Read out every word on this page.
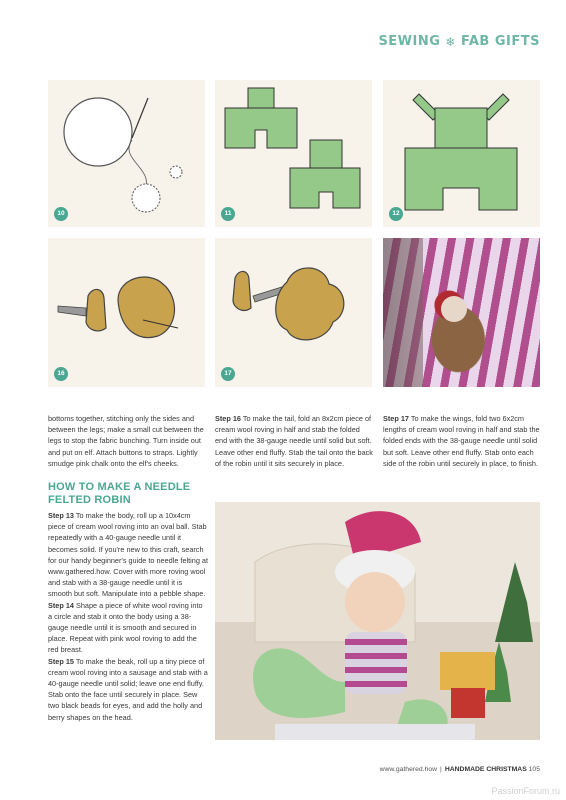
SEWING ❄ FAB GIFTS
10	11	12
16	17

bottoms together, stitching only the sides and between the legs; make a small cut between the legs to stop the fabric bunching. Turn inside out and put on elf. Attach buttons to straps. Lightly smudge pink chalk onto the elf's cheeks.

HOW TO MAKE A NEEDLE FELTED ROBIN

Step 13 To make the body, roll up a 10x4cm piece of cream wool roving into an oval ball. Stab repeatedly with a 40-gauge needle until it becomes solid. If you're new to this craft, search for our handy beginner's guide to needle felting at www.gathered.how. Cover with more roving wool and stab with a 38-gauge needle until it is smooth but soft. Manipulate into a pebble shape.

Step 14 Shape a piece of white wool roving into a circle and stab it onto the body using a 38-gauge needle until it is smooth and secured in place. Repeat with pink wool roving to add the red breast.

Step 15 To make the beak, roll up a tiny piece of cream wool roving into a sausage and stab with a 40-gauge needle until solid; leave one end fluffy. Stab onto the face until securely in place. Sew two black beads for eyes, and add the holly and berry shapes on the head.

Step 16 To make the tail, fold an 8x2cm piece of cream wool roving in half and stab the folded end with the 38-gauge needle until solid but soft. Leave other end fluffy. Stab the tail onto the back of the robin until it sits securely in place.

Step 17 To make the wings, fold two 6x2cm lengths of cream wool roving in half and stab the folded ends with the 38-gauge needle until solid but soft. Leave other end fluffy. Stab onto each side of the robin until securely in place, to finish.

www.gathered.how | HANDMADE CHRISTMAS 105
PassionForum.ru
